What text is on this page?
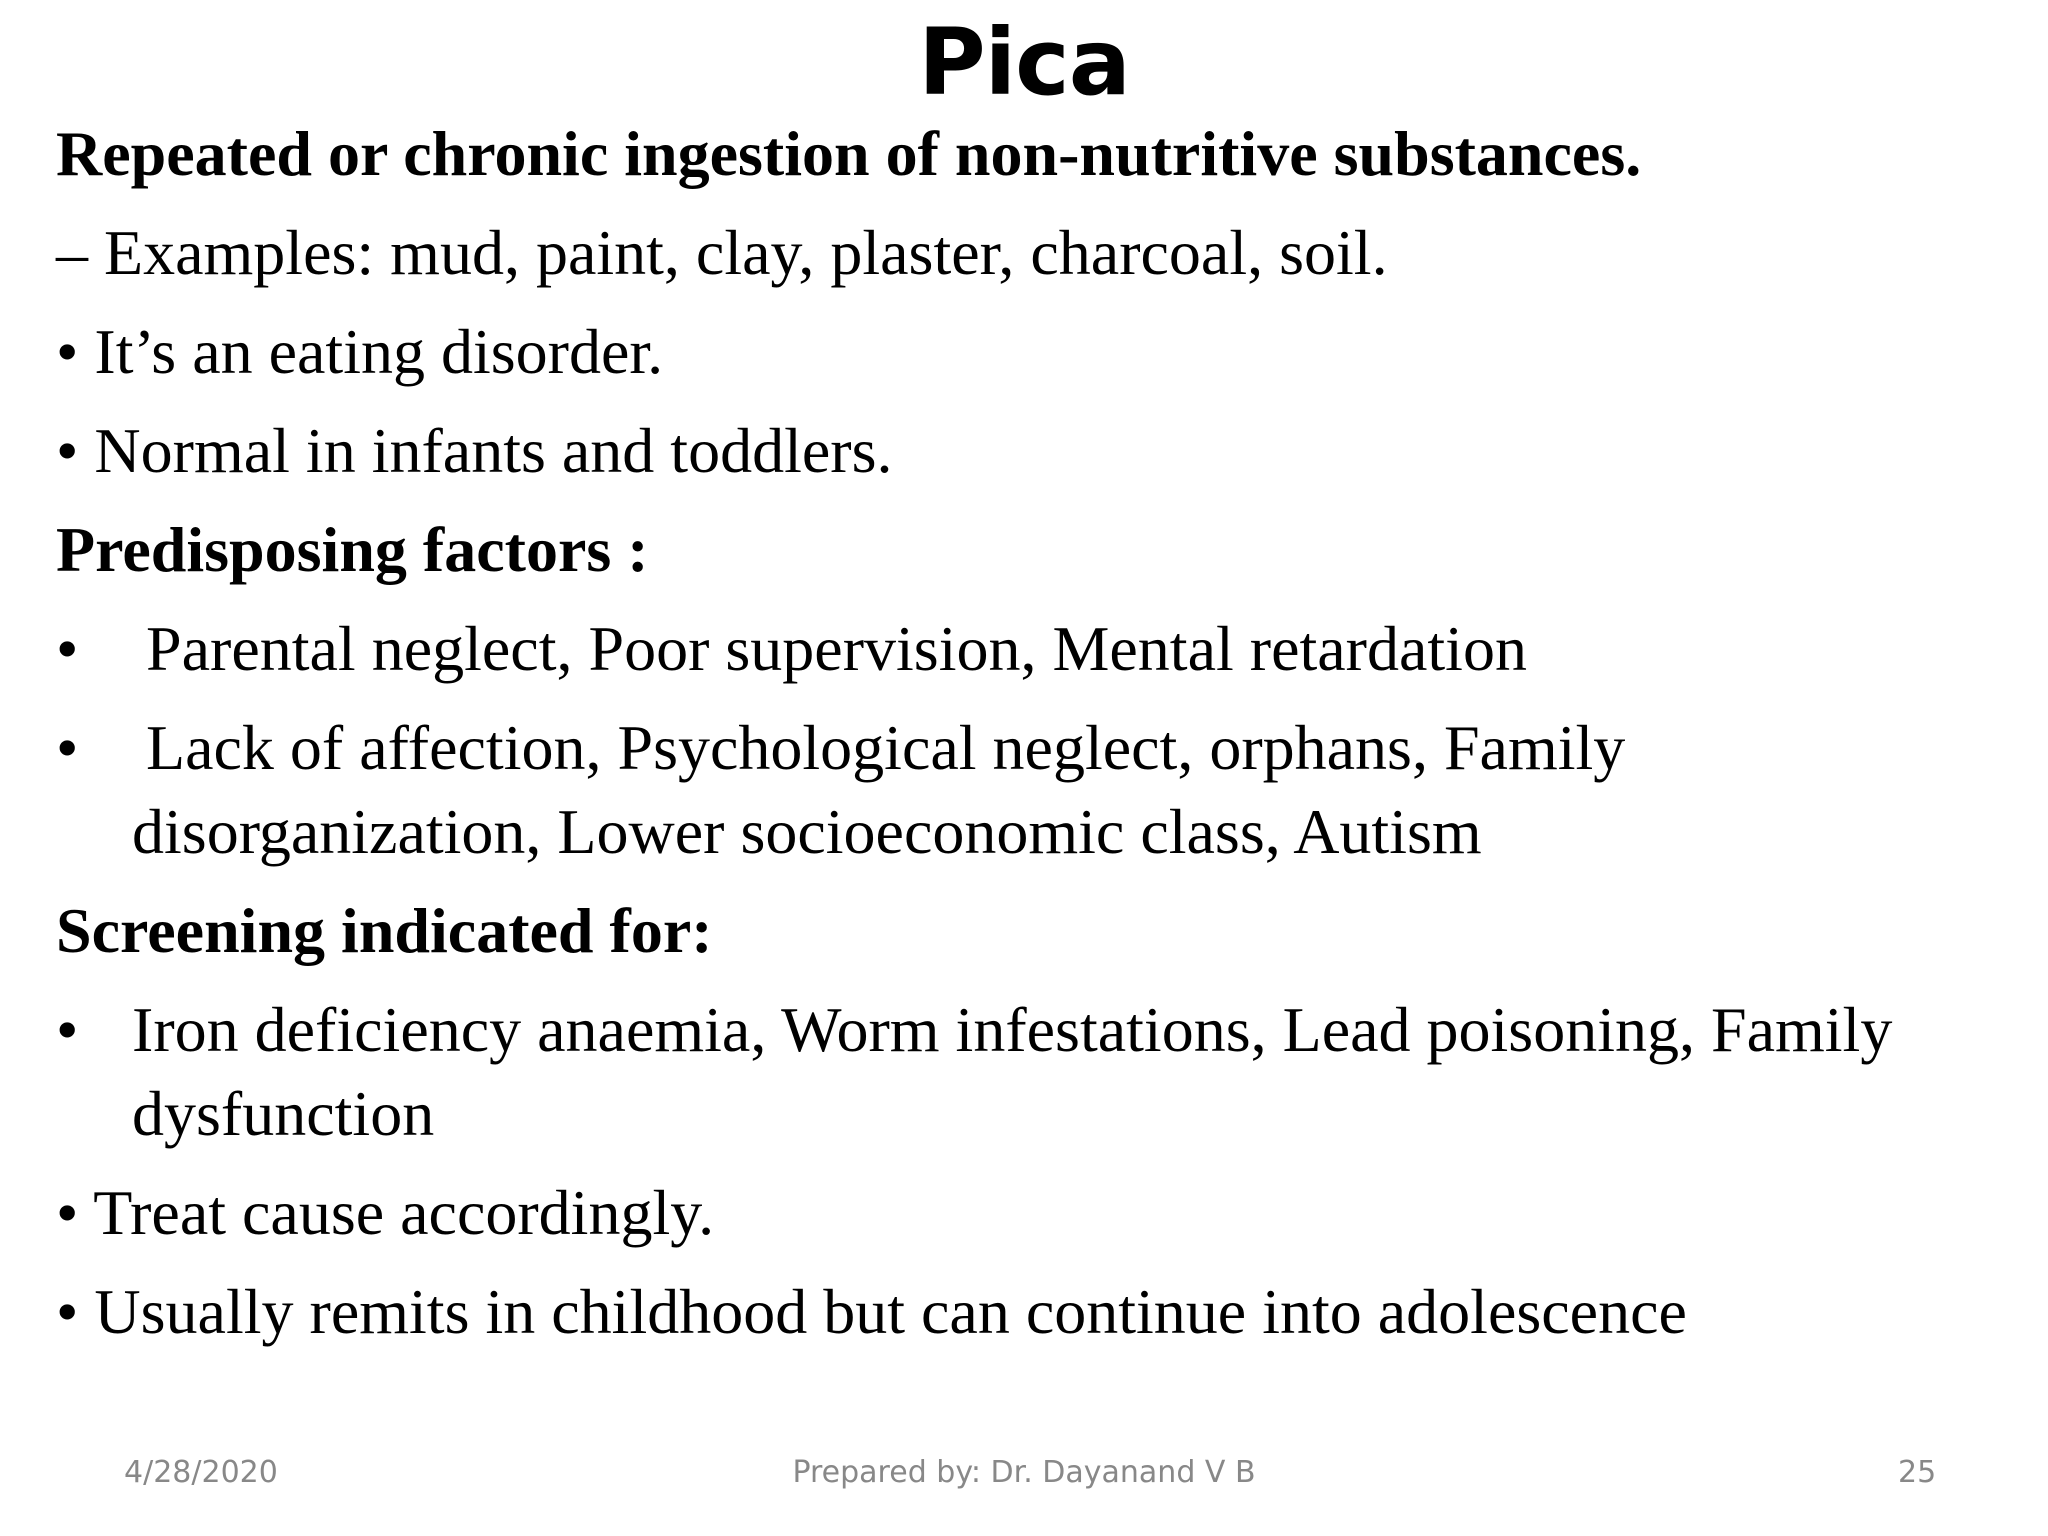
Pica

Repeated or chronic ingestion of non-nutritive substances.

– Examples: mud, paint, clay, plaster, charcoal, soil.

• It’s an eating disorder.

• Normal in infants and toddlers.

Predisposing factors :

•	Parental neglect, Poor supervision, Mental retardation
•	Lack of affection, Psychological neglect, orphans, Family
disorganization, Lower socioeconomic class, Autism

Screening indicated for:

• Iron deficiency anaemia, Worm infestations, Lead poisoning, Family
dysfunction

• Treat cause accordingly.

• Usually remits in childhood but can continue into adolescence

4/28/2020	Prepared by: Dr. Dayanand V B	25
